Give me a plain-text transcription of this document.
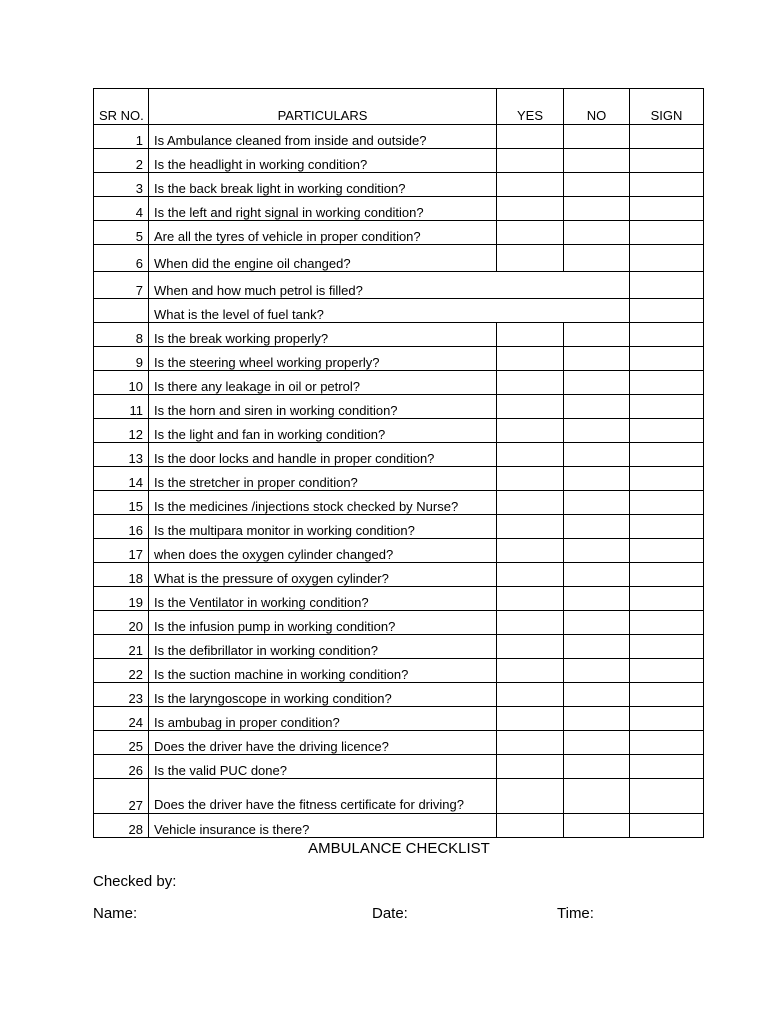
SR NO.	PARTICULARS	YES	NO	SIGN
1	Is Ambulance cleaned from inside and outside?			
2	Is the headlight in working condition?			
3	Is the back break light in working condition?			
4	Is the left and right signal in working condition?			
5	Are all the tyres of vehicle in proper condition?			
6	When did the engine oil changed?			
7	When and how much petrol is filled?			
	What is the level of fuel tank?			
8	Is the break working properly?			
9	Is the steering wheel working properly?			
10	Is there any leakage in oil or petrol?			
11	Is the horn and siren in working condition?			
12	Is the light and fan in working condition?			
13	Is the door locks and handle in proper condition?			
14	Is the stretcher in proper condition?			
15	Is the medicines /injections stock checked by Nurse?			
16	Is the multipara monitor in working condition?			
17	when does the oxygen cylinder changed?			
18	What is the pressure of oxygen cylinder?			
19	Is the Ventilator in working condition?			
20	Is the infusion pump in working condition?			
21	Is the defibrillator in working condition?			
22	Is the suction machine in working condition?			
23	Is the laryngoscope in working condition?			
24	Is ambubag in proper condition?			
25	Does the driver have the driving licence?			
26	Is the valid PUC done?			
27	Does the driver have the fitness certificate for driving?			
28	Vehicle insurance is there?			
AMBULANCE CHECKLIST
Checked by:
Name:	Date:	Time:
